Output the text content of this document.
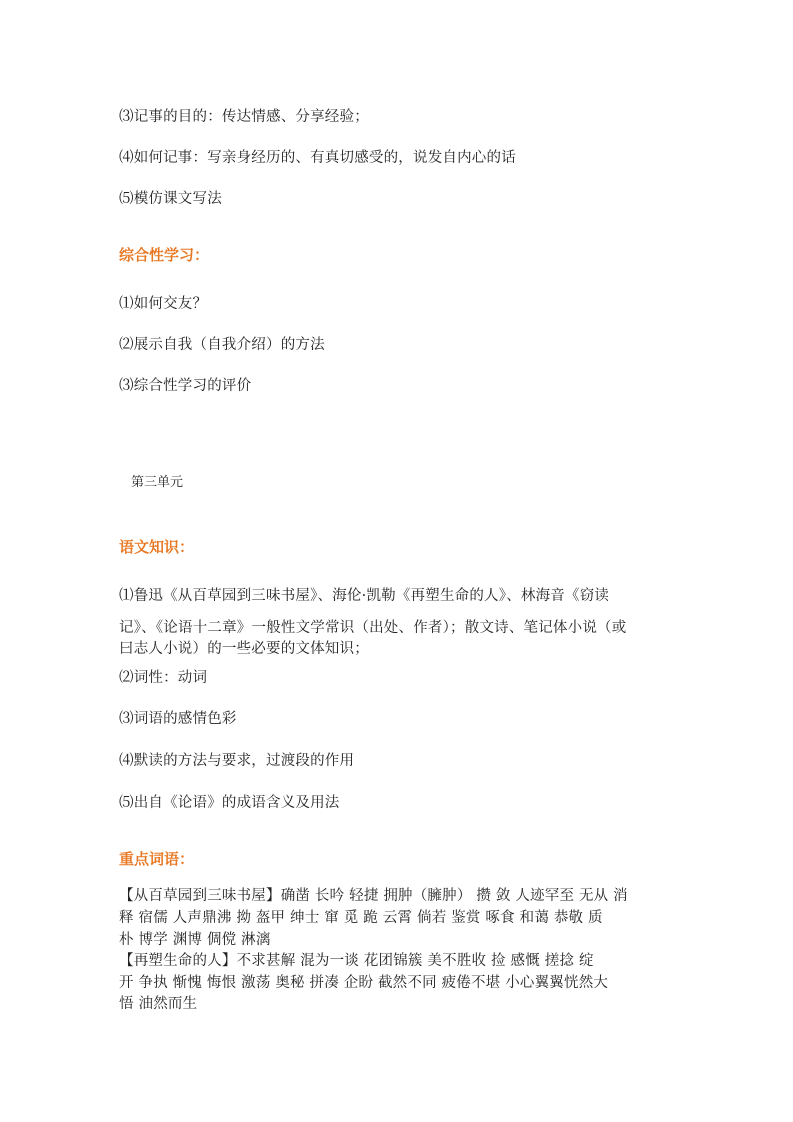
⑶记事的目的：传达情感、分享经验；
⑷如何记事：写亲身经历的、有真切感受的，说发自内心的话
⑸模仿课文写法
综合性学习：
⑴如何交友？
⑵展示自我（自我介绍）的方法
⑶综合性学习的评价
第三单元
语文知识：
⑴鲁迅《从百草园到三味书屋》、海伦·凯勒《再塑生命的人》、林海音《窃读
记》、《论语十二章》一般性文学常识（出处、作者）；散文诗、笔记体小说（或
曰志人小说）的一些必要的文体知识；
⑵词性：动词
⑶词语的感情色彩
⑷默读的方法与要求，过渡段的作用
⑸出自《论语》的成语含义及用法
重点词语：
【从百草园到三味书屋】确凿 长吟 轻捷 拥肿（臃肿） 攒 敛 人迹罕至 无从 消
释 宿儒 人声鼎沸 拗 盔甲 绅士 窜 觅 跪 云霄 倘若 鉴赏 啄食 和蔼 恭敬 质
朴 博学 渊博 倜傥 淋漓
【再塑生命的人】不求甚解 混为一谈 花团锦簇 美不胜收 捡 感慨 搓捻 绽
开 争执 惭愧 悔恨 激荡 奥秘 拼凑 企盼 截然不同 疲倦不堪 小心翼翼恍然大
悟 油然而生
